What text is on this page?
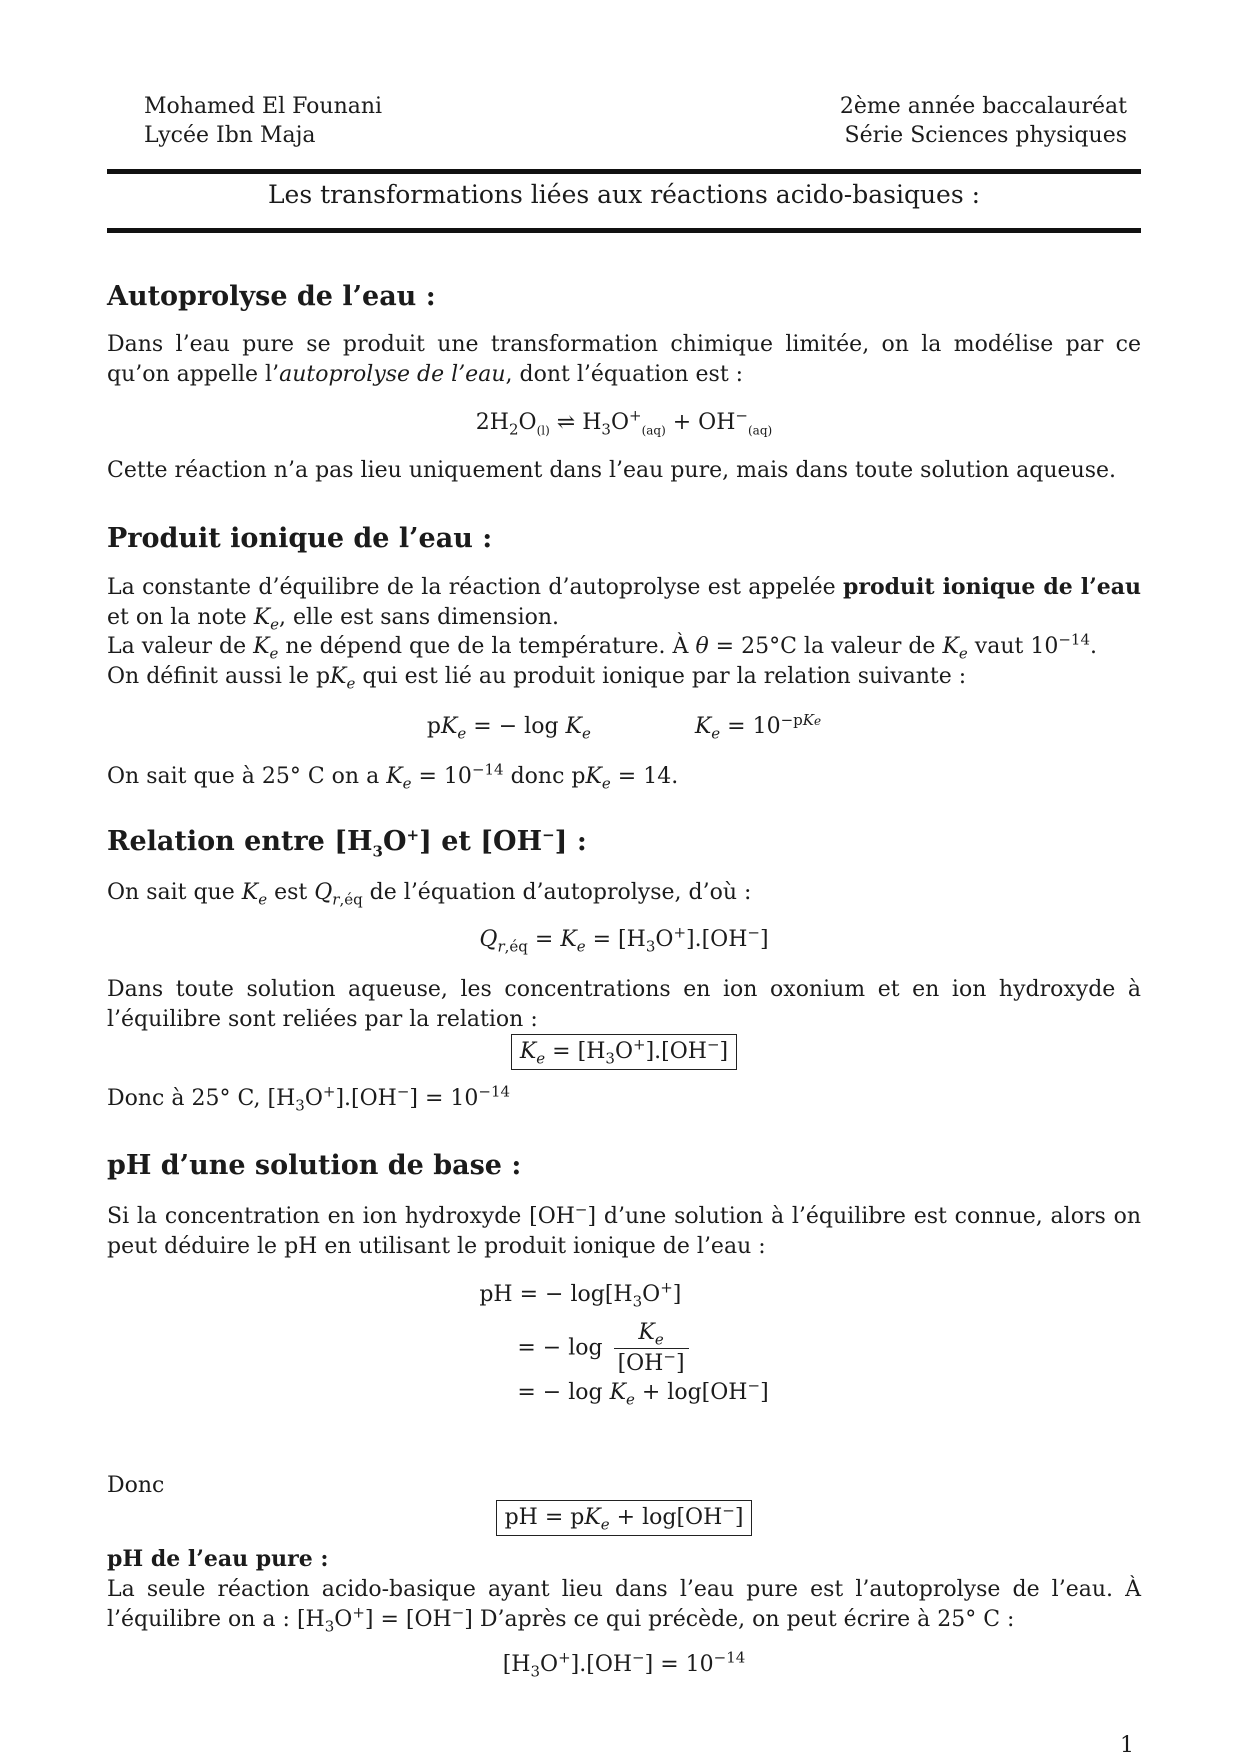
Mohamed El Founani
Lycée Ibn Maja
2ème année baccalauréat
Série Sciences physiques
Les transformations liées aux réactions acido-basiques :
Autoprolyse de l’eau :
Dans l’eau pure se produit une transformation chimique limitée, on la modélise par ce qu’on appelle l’autoprolyse de l’eau, dont l’équation est :
$2H_2O_{(l)}$ ⇌ $H_3O^+_{(aq)} + OH^-_{(aq)}$
Cette réaction n’a pas lieu uniquement dans l’eau pure, mais dans toute solution aqueuse.
Produit ionique de l’eau :
La constante d’équilibre de la réaction d’autoprolyse est appelée produit ionique de l’eau et on la note $K_e$, elle est sans dimension.
La valeur de $K_e$ ne dépend que de la température. À θ = 25°C la valeur de $K_e$ vaut $10^{-14}$.
On définit aussi le $pK_e$ qui est lié au produit ionique par la relation suivante :
$pK_e$ = − $\log K_e$	$K_e = 10^{-pKe}$
On sait que à 25° C on a $K_e = 10^{-14}$ donc $pK_e = 14$.
Relation entre $[H_3O^+]$ et [OH−] :
On sait que $K_e$ est $Q_{r,éq}$ de l’équation d’autoprolyse, d’où :
$Q_{r,éq} = K_e = [H_3O^+].[OH^-]$
Dans toute solution aqueuse, les concentrations en ion oxonium et en ion hydroxyde à l’équilibre sont reliées par la relation :
$K_e = [H_3O^+].[OH^-]$
Donc à 25° C, $[H_3O^+].[OH^-] = 10^{-14}$
pH d’une solution de base :
Si la concentration en ion hydroxyde [OH−] d’une solution à l’équilibre est connue, alors on peut déduire le pH en utilisant le produit ionique de l’eau :
pH = − $\log[H_3O^+]$
= − $\log \frac{K_e}{[OH^-]}$
= − $\log K_e + \log[OH^-]$
Donc
pH = $pK_e + \log[OH^-]$
pH de l’eau pure :
La seule réaction acido-basique ayant lieu dans l’eau pure est l’autoprolyse de l’eau. À l’équilibre on a : $[H_3O^+] = [OH^-]$ D’après ce qui précède, on peut écrire à 25° C :
$[H_3O^+].[OH^-] = 10^{-14}$
1
